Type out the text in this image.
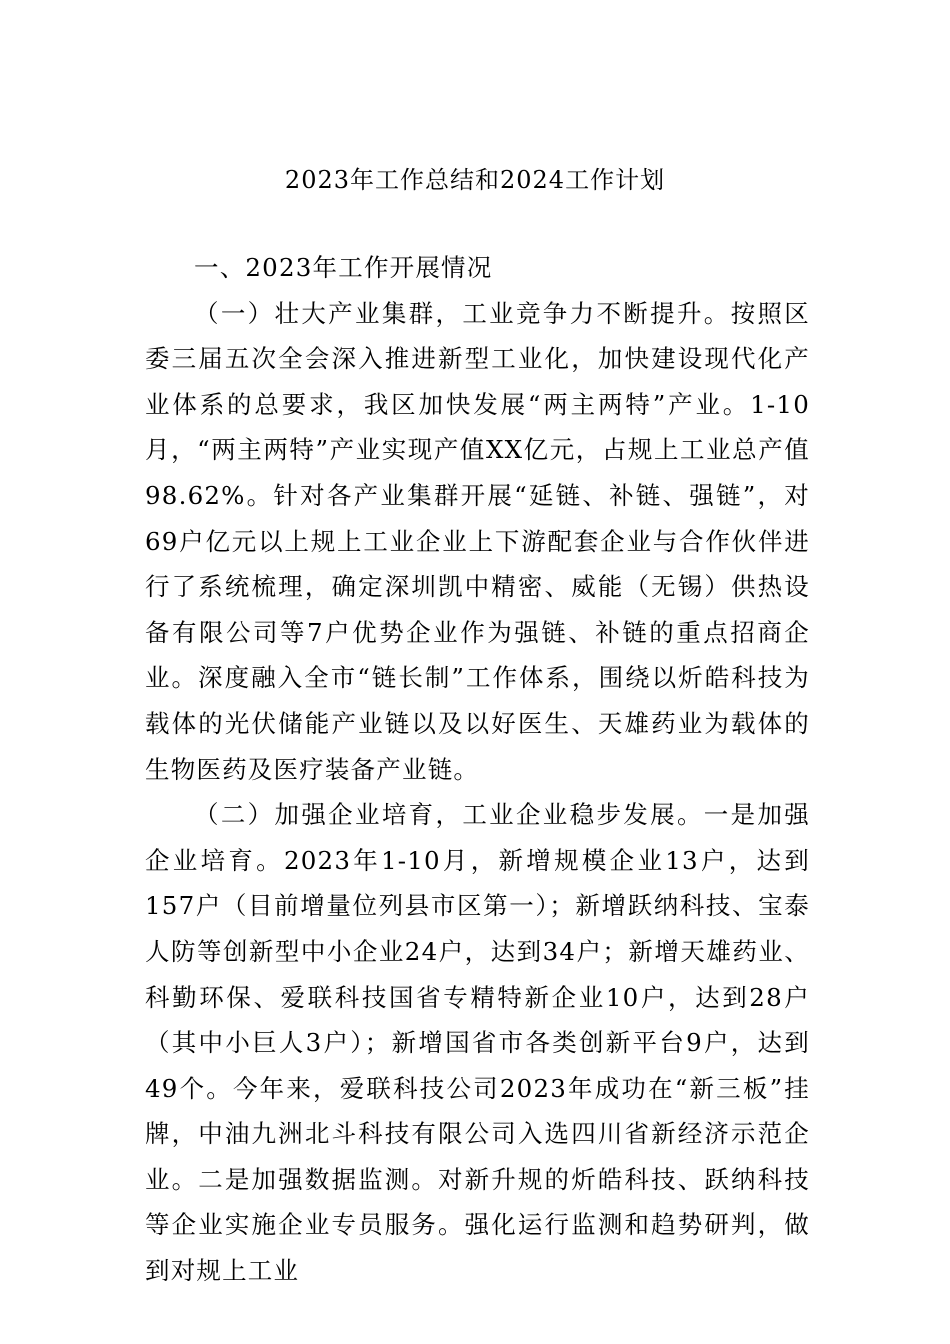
2023年工作总结和2024工作计划

一、2023年工作开展情况

（一）壮大产业集群，工业竞争力不断提升。按照区委三届五次全会深入推进新型工业化，加快建设现代化产业体系的总要求，我区加快发展“两主两特”产业。1-10月，“两主两特”产业实现产值XX亿元，占规上工业总产值98.62%。针对各产业集群开展“延链、补链、强链”，对69户亿元以上规上工业企业上下游配套企业与合作伙伴进行了系统梳理，确定深圳凯中精密、威能（无锡）供热设备有限公司等7户优势企业作为强链、补链的重点招商企业。深度融入全市“链长制”工作体系，围绕以炘皓科技为载体的光伏储能产业链以及以好医生、天雄药业为载体的生物医药及医疗装备产业链。

（二）加强企业培育，工业企业稳步发展。一是加强企业培育。2023年1-10月，新增规模企业13户，达到157户（目前增量位列县市区第一）；新增跃纳科技、宝泰人防等创新型中小企业24户，达到34户；新增天雄药业、科勤环保、爱联科技国省专精特新企业10户，达到28户（其中小巨人3户）；新增国省市各类创新平台9户，达到49个。今年来，爱联科技公司2023年成功在“新三板”挂牌，中油九洲北斗科技有限公司入选四川省新经济示范企业。二是加强数据监测。对新升规的炘皓科技、跃纳科技等企业实施企业专员服务。强化运行监测和趋势研判，做到对规上工业
